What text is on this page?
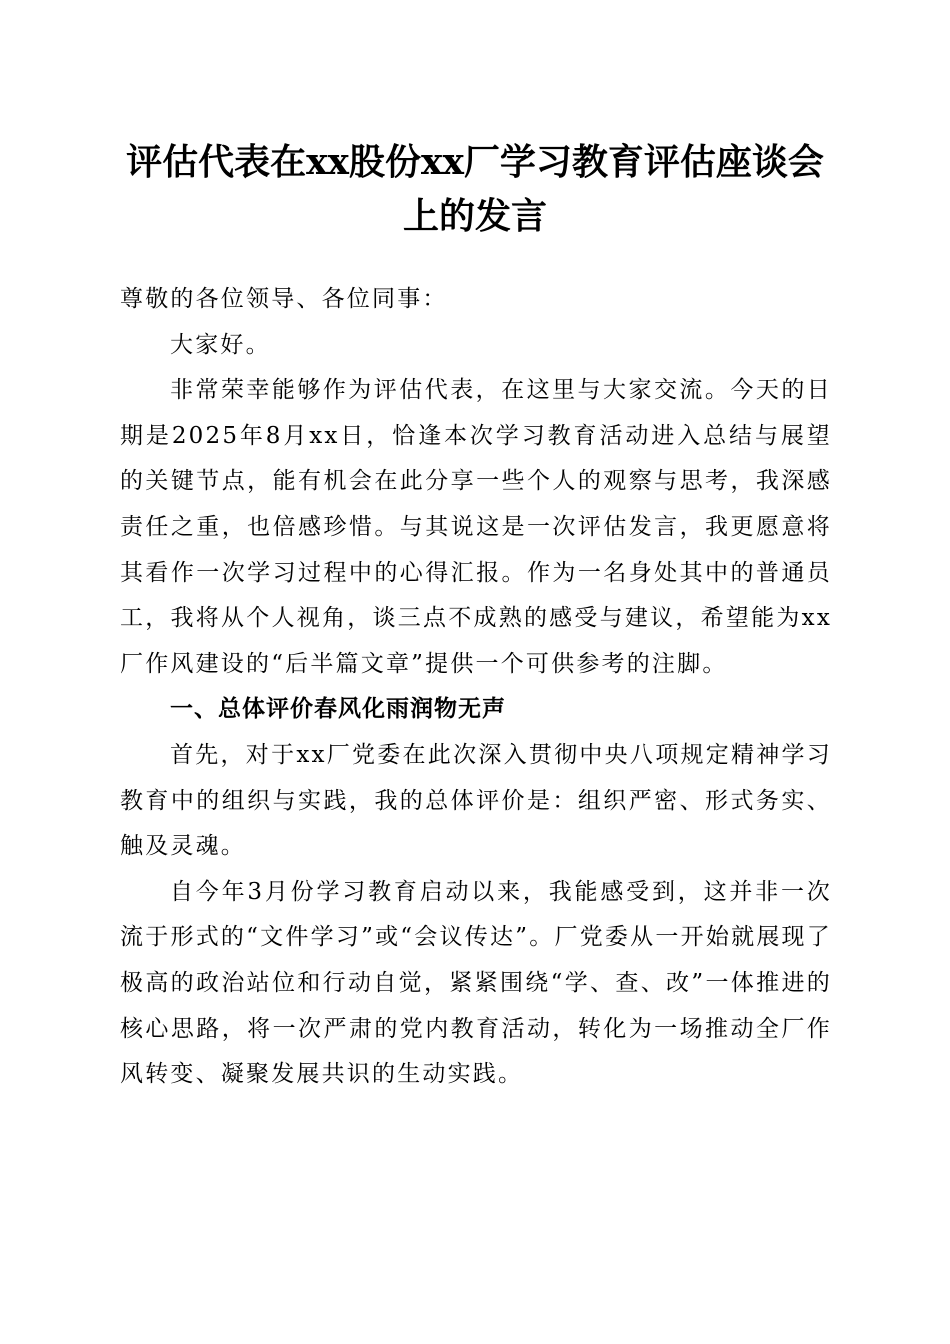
评估代表在xx股份xx厂学习教育评估座谈会上的发言

尊敬的各位领导、各位同事：

大家好。

非常荣幸能够作为评估代表，在这里与大家交流。今天的日期是2025年8月xx日，恰逢本次学习教育活动进入总结与展望的关键节点，能有机会在此分享一些个人的观察与思考，我深感责任之重，也倍感珍惜。与其说这是一次评估发言，我更愿意将其看作一次学习过程中的心得汇报。作为一名身处其中的普通员工，我将从个人视角，谈三点不成熟的感受与建议，希望能为xx厂作风建设的“后半篇文章”提供一个可供参考的注脚。

一、总体评价春风化雨润物无声

首先，对于xx厂党委在此次深入贯彻中央八项规定精神学习教育中的组织与实践，我的总体评价是：组织严密、形式务实、触及灵魂。

自今年3月份学习教育启动以来，我能感受到，这并非一次流于形式的“文件学习”或“会议传达”。厂党委从一开始就展现了极高的政治站位和行动自觉，紧紧围绕“学、查、改”一体推进的核心思路，将一次严肃的党内教育活动，转化为一场推动全厂作风转变、凝聚发展共识的生动实践。
